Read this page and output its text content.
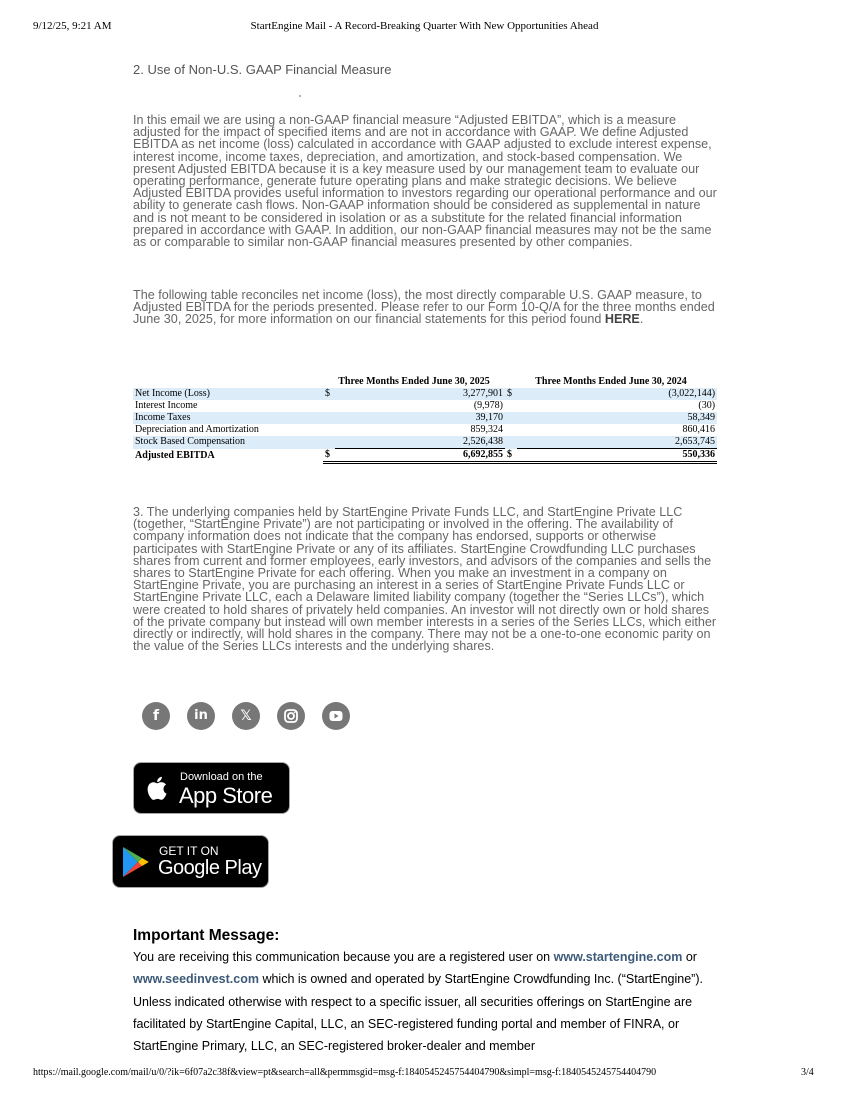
9/12/25, 9:21 AM	StartEngine Mail - A Record-Breaking Quarter With New Opportunities Ahead
2. Use of Non-U.S. GAAP Financial Measure
In this email we are using a non-GAAP financial measure “Adjusted EBITDA”, which is a measure adjusted for the impact of specified items and are not in accordance with GAAP. We define Adjusted EBITDA as net income (loss) calculated in accordance with GAAP adjusted to exclude interest expense, interest income, income taxes, depreciation, and amortization, and stock-based compensation. We present Adjusted EBITDA because it is a key measure used by our management team to evaluate our operating performance, generate future operating plans and make strategic decisions. We believe Adjusted EBITDA provides useful information to investors regarding our operational performance and our ability to generate cash flows. Non-GAAP information should be considered as supplemental in nature and is not meant to be considered in isolation or as a substitute for the related financial information prepared in accordance with GAAP. In addition, our non-GAAP financial measures may not be the same as or comparable to similar non-GAAP financial measures presented by other companies.
The following table reconciles net income (loss), the most directly comparable U.S. GAAP measure, to Adjusted EBITDA for the periods presented. Please refer to our Form 10-Q/A for the three months ended June 30, 2025, for more information on our financial statements for this period found HERE.
	Three Months Ended June 30, 2025		Three Months Ended June 30, 2024	
Net Income (Loss)	$	3,277,901	$	(3,022,144)
Interest Income		(9,978)		(30)
Income Taxes		39,170		58,349
Depreciation and Amortization		859,324		860,416
Stock Based Compensation		2,526,438		2,653,745
Adjusted EBITDA	$	6,692,855	$	550,336
3. The underlying companies held by StartEngine Private Funds LLC, and StartEngine Private LLC (together, “StartEngine Private”) are not participating or involved in the offering. The availability of company information does not indicate that the company has endorsed, supports or otherwise participates with StartEngine Private or any of its affiliates. StartEngine Crowdfunding LLC purchases shares from current and former employees, early investors, and advisors of the companies and sells the shares to StartEngine Private for each offering. When you make an investment in a company on StartEngine Private, you are purchasing an interest in a series of StartEngine Private Funds LLC or StartEngine Private LLC, each a Delaware limited liability company (together the “Series LLCs”), which were created to hold shares of privately held companies. An investor will not directly own or hold shares of the private company but instead will own member interests in a series of the Series LLCs, which either directly or indirectly, will hold shares in the company. There may not be a one-to-one economic parity on the value of the Series LLCs interests and the underlying shares.
f	in	𝕏
Download on the
App Store
GET IT ON
Google Play
Important Message:
You are receiving this communication because you are a registered user on www.startengine.com or www.seedinvest.com which is owned and operated by StartEngine Crowdfunding Inc. (“StartEngine”). Unless indicated otherwise with respect to a specific issuer, all securities offerings on StartEngine are facilitated by StartEngine Capital, LLC, an SEC-registered funding portal and member of FINRA, or StartEngine Primary, LLC, an SEC-registered broker-dealer and member
https://mail.google.com/mail/u/0/?ik=6f07a2c38f&view=pt&search=all&permmsgid=msg-f:1840545245754404790&simpl=msg-f:1840545245754404790	3/4
